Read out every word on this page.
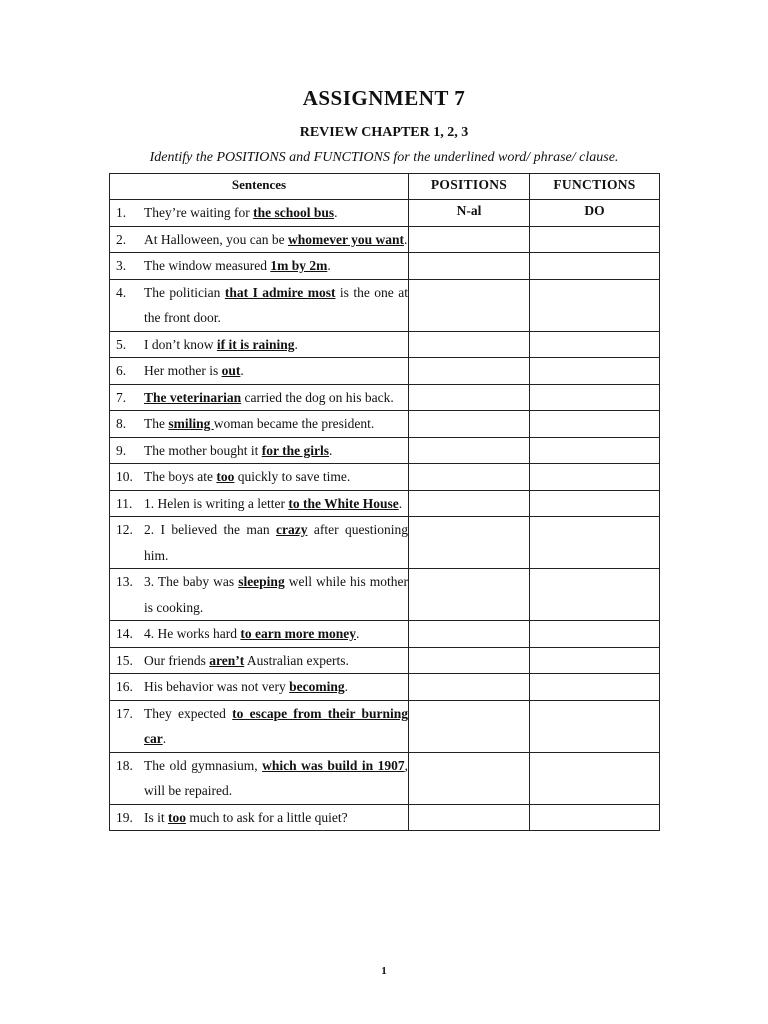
ASSIGNMENT 7
REVIEW CHAPTER 1, 2, 3
Identify the POSITIONS and FUNCTIONS for the underlined word/ phrase/ clause.
Sentences	POSITIONS	FUNCTIONS

1. They’re waiting for the school bus.	N-al	DO

2. At Halloween, you can be whomever you want.		

3. The window measured 1m by 2m.		

4. The politician that I admire most is the one at the front door.		

5. I don’t know if it is raining.		

6. Her mother is out.		

7. The veterinarian carried the dog on his back.		

8. The smiling woman became the president.		

9. The mother bought it for the girls.		

10. The boys ate too quickly to save time.		

11. 1. Helen is writing a letter to the White House.		

12. 2. I believed the man crazy after questioning him.		

13. 3. The baby was sleeping well while his mother is cooking.		

14. 4. He works hard to earn more money.		

15. Our friends aren’t Australian experts.		

16. His behavior was not very becoming.		

17. They expected to escape from their burning car.		

18. The old gymnasium, which was build in 1907, will be repaired.		

19. Is it too much to ask for a little quiet?		

1
